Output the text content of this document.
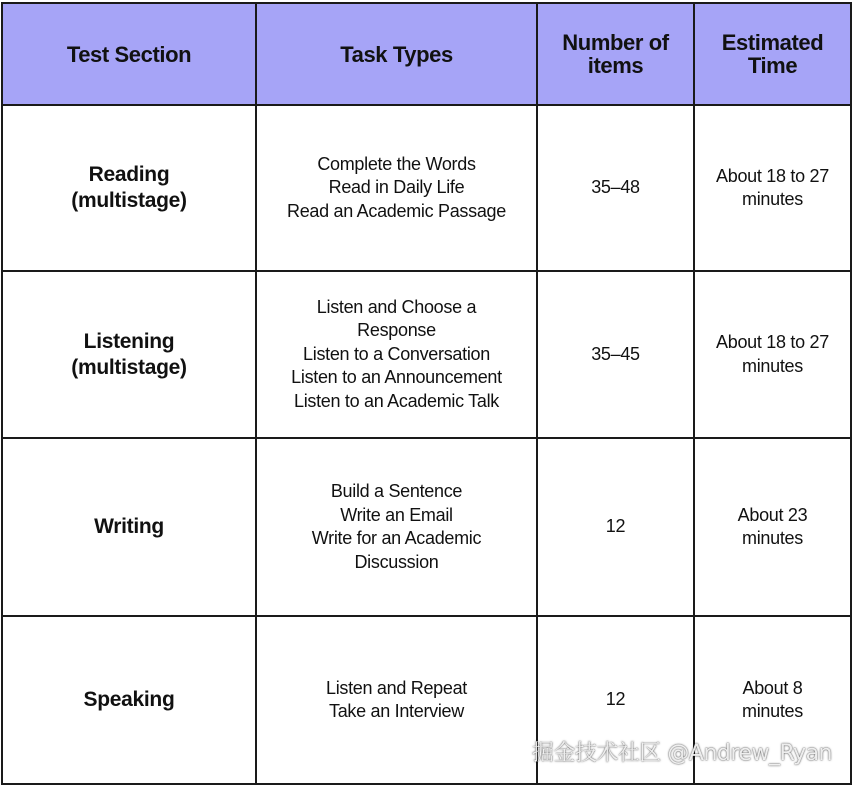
Test Section	Task Types	Number of items
Estimated Time
Reading
(multistage)
Complete the Words
Read in Daily Life
Read an Academic Passage
35–48
About 18 to 27
minutes
Listening
(multistage)
Listen and Choose a
Response
Listen to a Conversation
Listen to an Announcement
Listen to an Academic Talk
35–45
About 18 to 27
minutes
Writing
Build a Sentence
Write an Email
Write for an Academic
Discussion
12
About 23
minutes
Speaking
Listen and Repeat
Take an Interview
12
About 8
minutes
掘金技术社区 @Andrew_Ryan
